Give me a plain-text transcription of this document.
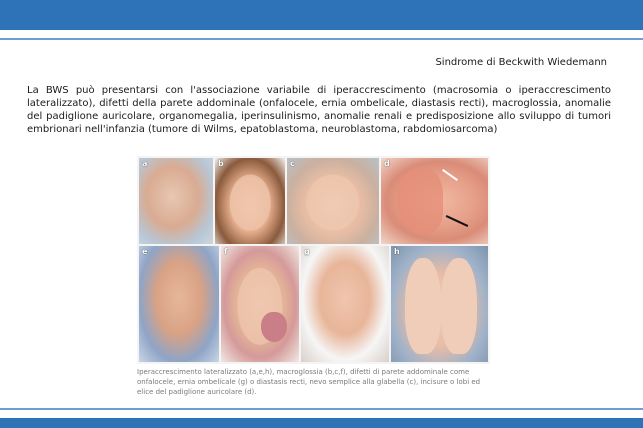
Sindrome di Beckwith Wiedemann
La BWS può presentarsi con l'associazione variabile di iperaccrescimento (macrosomia o iperaccrescimento lateralizzato), difetti della parete addominale (onfalocele, ernia ombelicale, diastasis recti), macroglossia, anomalie del padiglione auricolare, organomegalia, iperinsulinismo, anomalie renali e predisposizione allo sviluppo di tumori embrionari nell'infanzia (tumore di Wilms, epatoblastoma, neuroblastoma, rabdomiosarcoma)
a	b	c	d
e	f	g	h
Iperaccrescimento lateralizzato (a,e,h), macroglossia (b,c,f), difetti di parete addominale come onfalocele, ernia ombelicale (g) o diastasis recti, nevo semplice alla glabella (c), incisure o lobi ed elice del padiglione auricolare (d).
